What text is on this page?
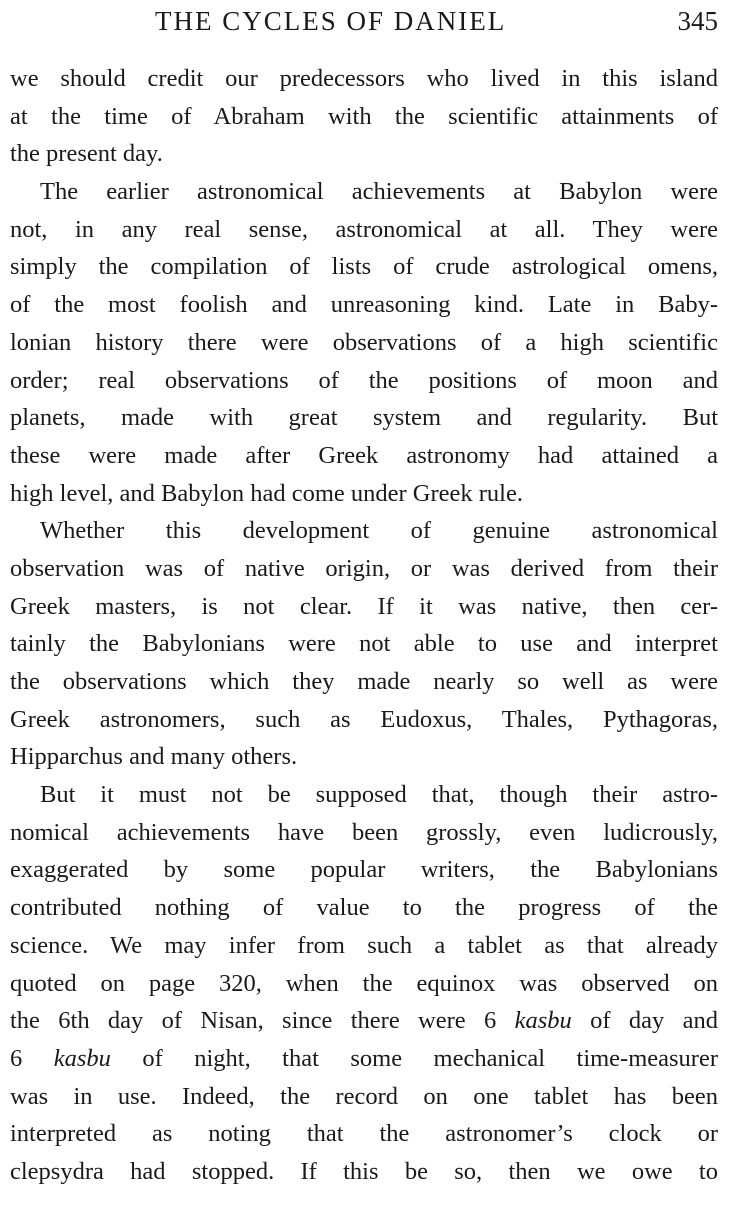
THE CYCLES OF DANIEL	345
we should credit our predecessors who lived in this island
at the time of Abraham with the scientific attainments of
the present day.
The earlier astronomical achievements at Babylon were
not, in any real sense, astronomical at all. They were
simply the compilation of lists of crude astrological omens,
of the most foolish and unreasoning kind. Late in Baby-
lonian history there were observations of a high scientific
order; real observations of the positions of moon and
planets, made with great system and regularity. But
these were made after Greek astronomy had attained a
high level, and Babylon had come under Greek rule.
Whether this development of genuine astronomical
observation was of native origin, or was derived from their
Greek masters, is not clear. If it was native, then cer-
tainly the Babylonians were not able to use and interpret
the observations which they made nearly so well as were
Greek astronomers, such as Eudoxus, Thales, Pythagoras,
Hipparchus and many others.
But it must not be supposed that, though their astro-
nomical achievements have been grossly, even ludicrously,
exaggerated by some popular writers, the Babylonians
contributed nothing of value to the progress of the
science. We may infer from such a tablet as that already
quoted on page 320, when the equinox was observed on
the 6th day of Nisan, since there were 6 kasbu of day and
6 kasbu of night, that some mechanical time-measurer
was in use. Indeed, the record on one tablet has been
interpreted as noting that the astronomer’s clock or
clepsydra had stopped. If this be so, then we owe to
